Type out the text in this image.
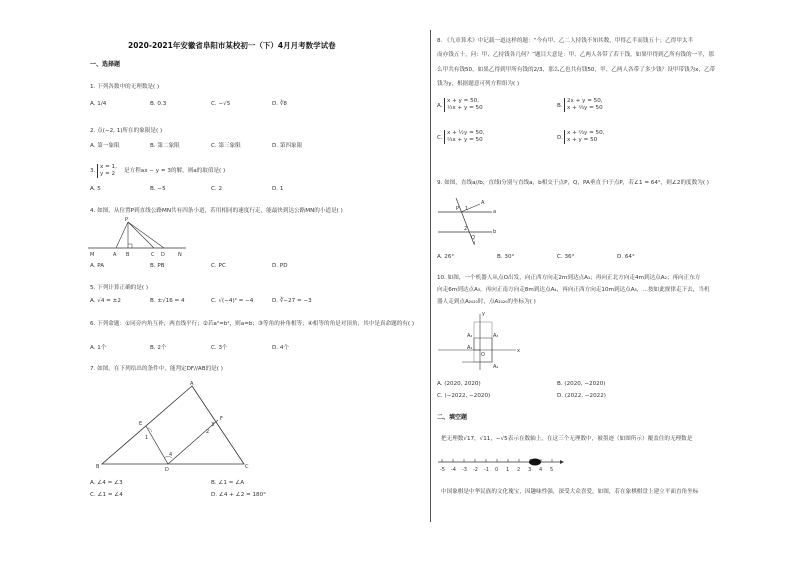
2020-2021年安徽省阜阳市某校初一（下）4月月考数学试卷
一、选择题
1. 下列各数中的无理数是( )
A. 1/4	B. 0.3	C. −√5	D. ∛8
2. 点(−2, 1)所在的象限是( )
A. 第一象限	B. 第二象限	C. 第三象限	D. 第四象限
3.
x = 1,
y = 2	是方程ax − y = 3的解，则a的取值是( )
A. 5	B. −5	C. 2	D. 1
4. 如图，从位置P到直线公路MN共有四条小道，若用相同的速度行走，能最快到达公路MN的小道是( )
P
M	A B	C D	N
A. PA	B. PB	C. PC	D. PD
5. 下列计算正确的是( )
A. √4 = ±2	B. ±√16 = 4	C. √(−4)² = −4	D. ∛−27 = −3
6. 下列命题：①同旁内角互补，两直线平行；②若a²=b²，则a=b；③等角的补角相等；④相等的角是对顶角，其中是真命题的有( )
A. 1个	B. 2个	C. 3个	D. 4个
7. 如图，在下列给出的条件中，能判定DF//AB的是( )
A
B	C
D
E
F
1
2
3
4
A. ∠4 = ∠3	B. ∠1 = ∠A
C. ∠1 = ∠4	D. ∠4 + ∠2 = 180°
8. 《九章算术》中记载一道这样的题：“今有甲、乙二人持钱不知其数，甲得乙半而钱五十；乙得甲太半
而亦钱五十，问：甲、乙持钱各几何？”题目大意是：甲、乙两人各带了若干钱，如果甲得到乙所有钱的一半，那
么甲共有钱50，如果乙得到甲所有钱的2/3，那么乙也共有钱50，甲、乙两人各带了多少钱？设甲带钱为x，乙带
钱为y，根据题意可列方程组为( )
A.
x + y = 50,
½x + y = 50	B.
2x + y = 50,
x + ⅔y = 50
C.
x + ½y = 50,
⅔x + y = 50	D.
x + ⅔y = 50,
x + y = 50
9. 如图，直线a//b，直线l分别与直线a，b相交于点P，Q，PA垂直于l于点P，若∠1 = 64°，则∠2的度数为( )
a
b
l
P
Q
A
1
2
A. 26°	B. 30°	C. 36°	D. 64°
10. 如图，一个机器人从点O出发，向正西方向走2m到达点A₁；再向正北方向走4m到达点A₂；再向正东方
向走6m到达点A₃，再向正南方向走8m到达点A₄，再向正西方向走10m到达点A₅，…按如此规律走下去，当机
器人走到点A₂₀₂₀时，点A₂₀₂₀的坐标为( )
A₁
A₂	A₃
A₄
O
x
y
A. (2020, 2020)	B. (2020, −2020)
C. (−2022, −2020)	D. (2022, −2022)
二、填空题
把无理数√17，√11，−√5表示在数轴上，在这三个无理数中，被墨迹（如图所示）覆盖住的无理数是
-5 -4 -3 -2 -1 0 1 2 3 4 5
中国象棋是中华民族的文化瑰宝，因趣味性强，深受大众喜爱，如图，若在象棋棋盘上建立平面直角坐标
